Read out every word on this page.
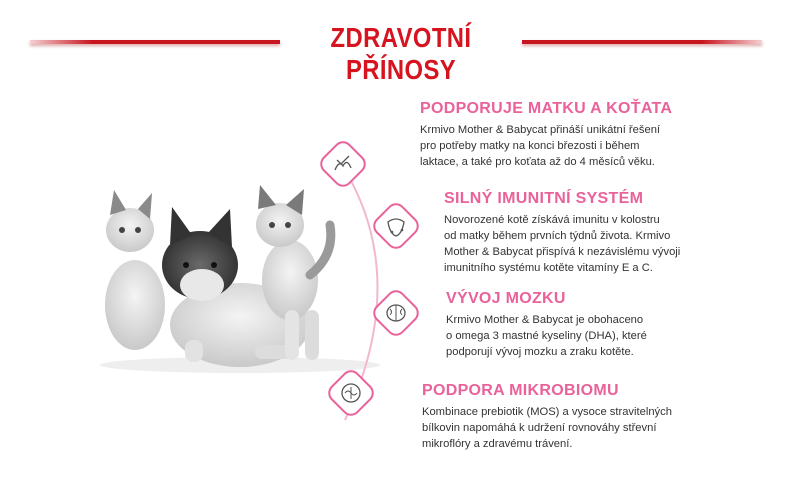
ZDRAVOTNÍ PŘÍNOSY
PODPORUJE MATKU A KOŤATA
Krmivo Mother & Babycat přináší unikátní řešení
pro potřeby matky na konci březosti i během
laktace, a také pro koťata až do 4 měsíců věku.
SILNÝ IMUNITNÍ SYSTÉM
Novorozené kotě získává imunitu v kolostru
od matky během prvních týdnů života. Krmivo
Mother & Babycat přispívá k nezávislému vývoji
imunitního systému kotěte vitamíny E a C.
VÝVOJ MOZKU
Krmivo Mother & Babycat je obohaceno
o omega 3 mastné kyseliny (DHA), které
podporují vývoj mozku a zraku kotěte.
PODPORA MIKROBIOMU
Kombinace prebiotik (MOS) a vysoce stravitelných
bílkovin napomáhá k udržení rovnováhy střevní
mikroflóry a zdravému trávení.
